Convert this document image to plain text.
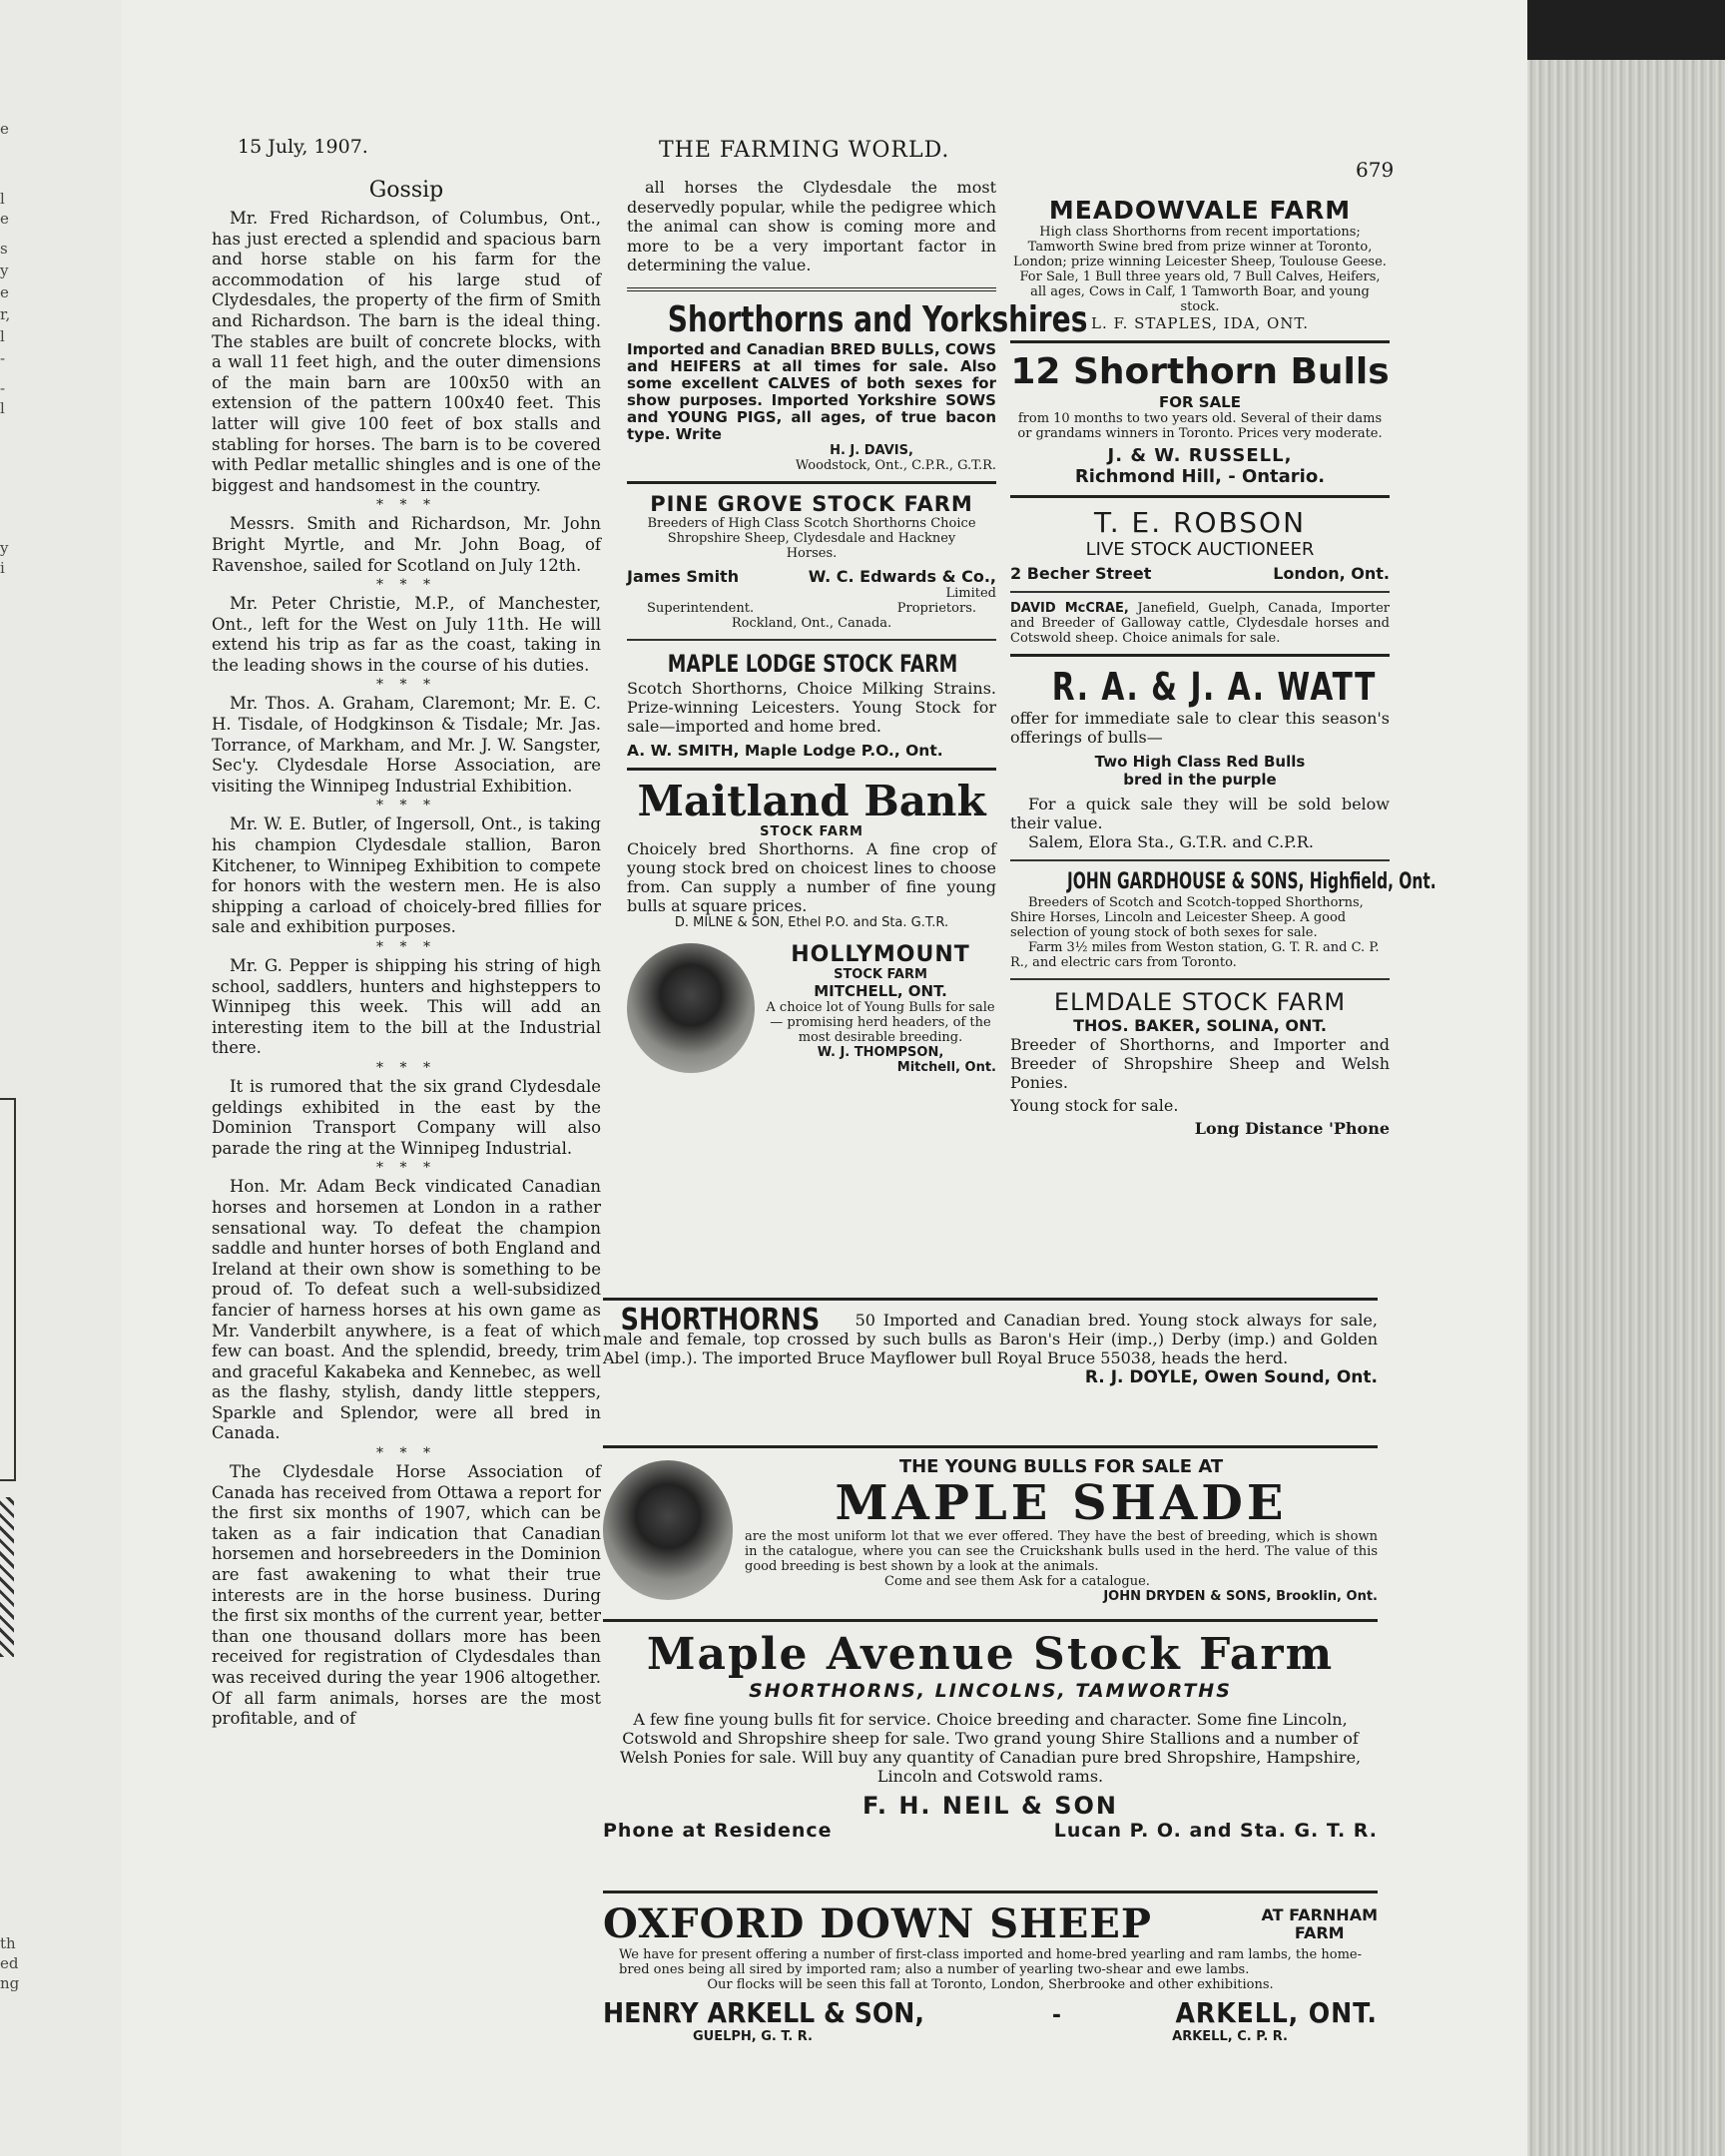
e
l
e
s
y
e
r,
l
-
-
l
y
i
th
ed
ng
15 July, 1907.	THE FARMING WORLD.
679
Gossip

Mr. Fred Richardson, of Columbus, Ont., has just erected a splendid and spacious barn and horse stable on his farm for the accommodation of his large stud of Clydesdales, the property of the firm of Smith and Richardson. The barn is the ideal thing. The stables are built of concrete blocks, with a wall 11 feet high, and the outer dimensions of the main barn are 100x50 with an extension of the pattern 100x40 feet. This latter will give 100 feet of box stalls and stabling for horses. The barn is to be covered with Pedlar metallic shingles and is one of the biggest and handsomest in the country.

* * *

Messrs. Smith and Richardson, Mr. John Bright Myrtle, and Mr. John Boag, of Ravenshoe, sailed for Scotland on July 12th.

* * *

Mr. Peter Christie, M.P., of Manchester, Ont., left for the West on July 11th. He will extend his trip as far as the coast, taking in the leading shows in the course of his duties.

* * *

Mr. Thos. A. Graham, Claremont; Mr. E. C. H. Tisdale, of Hodgkinson & Tisdale; Mr. Jas. Torrance, of Markham, and Mr. J. W. Sangster, Sec'y. Clydesdale Horse Association, are visiting the Winnipeg Industrial Exhibition.

* * *

Mr. W. E. Butler, of Ingersoll, Ont., is taking his champion Clydesdale stallion, Baron Kitchener, to Winnipeg Exhibition to compete for honors with the western men. He is also shipping a carload of choicely-bred fillies for sale and exhibition purposes.

* * *

Mr. G. Pepper is shipping his string of high school, saddlers, hunters and highsteppers to Winnipeg this week. This will add an interesting item to the bill at the Industrial there.

* * *

It is rumored that the six grand Clydesdale geldings exhibited in the east by the Dominion Transport Company will also parade the ring at the Winnipeg Industrial.

* * *

Hon. Mr. Adam Beck vindicated Canadian horses and horsemen at London in a rather sensational way. To defeat the champion saddle and hunter horses of both England and Ireland at their own show is something to be proud of. To defeat such a well-subsidized fancier of harness horses at his own game as Mr. Vanderbilt anywhere, is a feat of which few can boast. And the splendid, breedy, trim and graceful Kakabeka and Kennebec, as well as the flashy, stylish, dandy little steppers, Sparkle and Splendor, were all bred in Canada.

* * *

The Clydesdale Horse Association of Canada has received from Ottawa a report for the first six months of 1907, which can be taken as a fair indication that Canadian horsemen and horsebreeders in the Dominion are fast awakening to what their true interests are in the horse business. During the first six months of the current year, better than one thousand dollars more has been received for registration of Clydesdales than was received during the year 1906 altogether. Of all farm animals, horses are the most profitable, and of

all horses the Clydesdale the most deservedly popular, while the pedigree which the animal can show is coming more and more to be a very important factor in determining the value.

Shorthorns and Yorkshires

Imported and Canadian BRED BULLS, COWS and HEIFERS at all times for sale. Also some excellent CALVES of both sexes for show purposes. Imported Yorkshire SOWS and YOUNG PIGS, all ages, of true bacon type. Write

H. J. DAVIS,
Woodstock, Ont., C.P.R., G.T.R.
PINE GROVE STOCK FARM
Breeders of High Class Scotch Shorthorns Choice Shropshire Sheep, Clydesdale and Hackney Horses.
James Smith	W. C. Edwards & Co.,
Limited
Superintendent.	Proprietors.
Rockland, Ont., Canada.
MAPLE LODGE STOCK FARM

Scotch Shorthorns, Choice Milking Strains. Prize-winning Leicesters. Young Stock for sale—imported and home bred.

A. W. SMITH, Maple Lodge P.O., Ont.
Maitland Bank
STOCK FARM

Choicely bred Shorthorns. A fine crop of young stock bred on choicest lines to choose from. Can supply a number of fine young bulls at square prices.

D. MILNE & SON, Ethel P.O. and Sta. G.T.R.
HOLLYMOUNT
STOCK FARM
MITCHELL, ONT.
A choice lot of Young Bulls for sale — promising herd headers, of the most desirable breeding.
W. J. THOMPSON,
Mitchell, Ont.
MEADOWVALE FARM
High class Shorthorns from recent importations; Tamworth Swine bred from prize winner at Toronto, London; prize winning Leicester Sheep, Toulouse Geese. For Sale, 1 Bull three years old, 7 Bull Calves, Heifers, all ages, Cows in Calf, 1 Tamworth Boar, and young stock.
L. F. STAPLES, IDA, ONT.
12 Shorthorn Bulls
FOR SALE
from 10 months to two years old. Several of their dams or grandams winners in Toronto. Prices very moderate.
J. & W. RUSSELL,
Richmond Hill, - Ontario.
T. E. ROBSON
LIVE STOCK AUCTIONEER
2 Becher Street	London, Ont.

DAVID McCRAE, Janefield, Guelph, Canada, Importer and Breeder of Galloway cattle, Clydesdale horses and Cotswold sheep. Choice animals for sale.

R. A. & J. A. WATT

offer for immediate sale to clear this season's offerings of bulls—

Two High Class Red Bulls
bred in the purple

For a quick sale they will be sold below their value.

Salem, Elora Sta., G.T.R. and C.P.R.
JOHN GARDHOUSE & SONS, Highfield, Ont.
Breeders of Scotch and Scotch-topped Shorthorns, Shire Horses, Lincoln and Leicester Sheep. A good selection of young stock of both sexes for sale.
Farm 3½ miles from Weston station, G. T. R. and C. P. R., and electric cars from Toronto.
ELMDALE STOCK FARM
THOS. BAKER, SOLINA, ONT.

Breeder of Shorthorns, and Importer and Breeder of Shropshire Sheep and Welsh Ponies.

Young stock for sale.
Long Distance 'Phone

SHORTHORNS 50 Imported and Canadian bred. Young stock always for sale, male and female, top crossed by such bulls as Baron's Heir (imp.,) Derby (imp.) and Golden Abel (imp.). The imported Bruce Mayflower bull Royal Bruce 55038, heads the herd.

R. J. DOYLE, Owen Sound, Ont.
THE YOUNG BULLS FOR SALE AT
MAPLE SHADE
are the most uniform lot that we ever offered. They have the best of breeding, which is shown in the catalogue, where you can see the Cruickshank bulls used in the herd. The value of this good breeding is best shown by a look at the animals.
Come and see them Ask for a catalogue.
JOHN DRYDEN & SONS, Brooklin, Ont.
Maple Avenue Stock Farm
SHORTHORNS, LINCOLNS, TAMWORTHS

A few fine young bulls fit for service. Choice breeding and character. Some fine Lincoln, Cotswold and Shropshire sheep for sale. Two grand young Shire Stallions and a number of Welsh Ponies for sale. Will buy any quantity of Canadian pure bred Shropshire, Hampshire, Lincoln and Cotswold rams.

F. H. NEIL & SON
Phone at Residence	Lucan P. O. and Sta. G. T. R.
OXFORD DOWN SHEEP	AT FARNHAM
FARM
We have for present offering a number of first-class imported and home-bred yearling and ram lambs, the home-bred ones being all sired by imported ram; also a number of yearling two-shear and ewe lambs.
Our flocks will be seen this fall at Toronto, London, Sherbrooke and other exhibitions.
HENRY ARKELL & SON,	-	ARKELL, ONT.
GUELPH, G. T. R.	ARKELL, C. P. R.
